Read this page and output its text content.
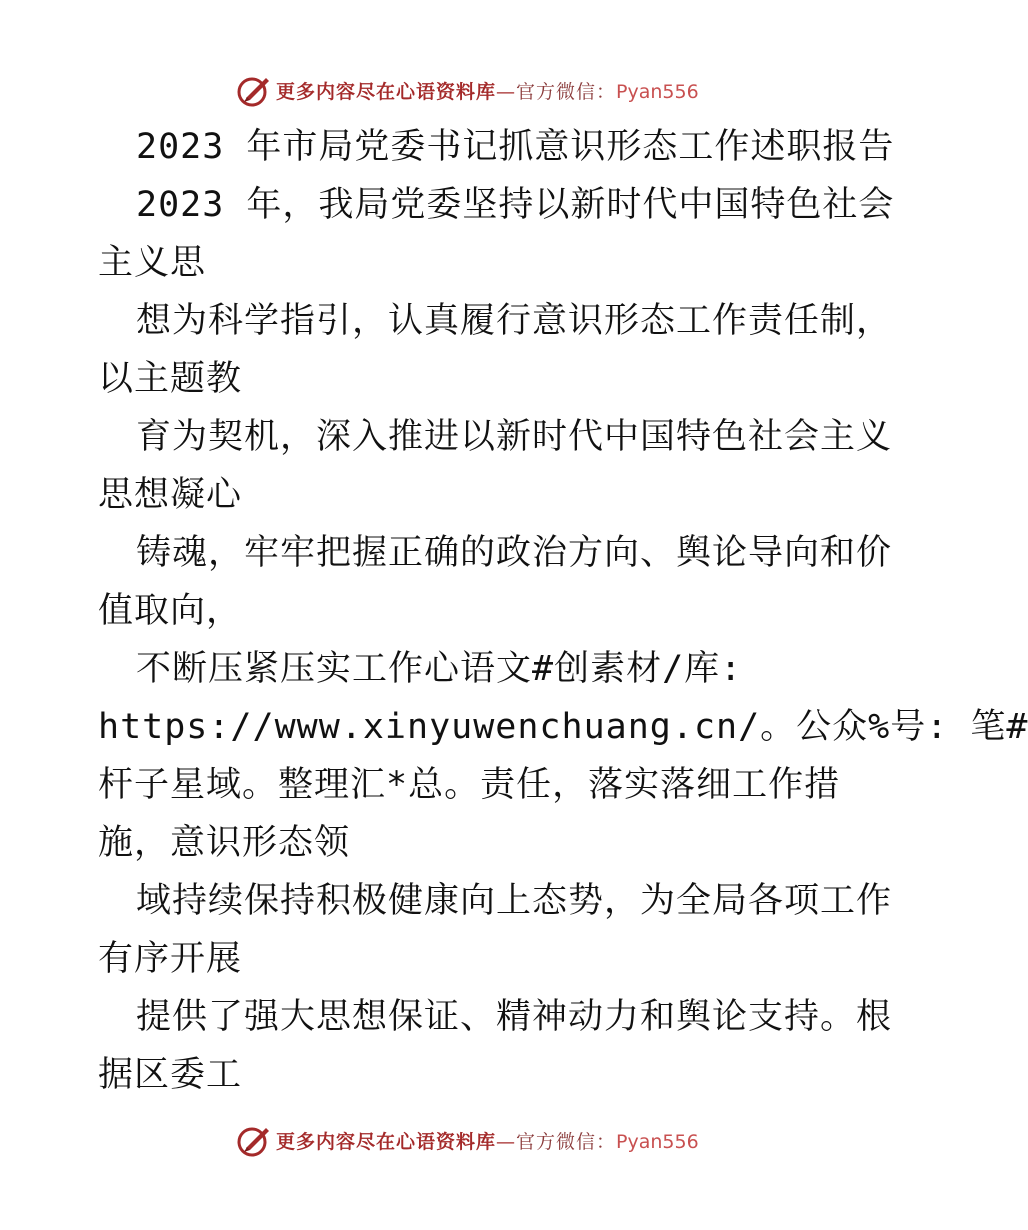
更多内容尽在心语资料库—官方微信：Pyan556
2023 年市局党委书记抓意识形态工作述职报告
2023 年，我局党委坚持以新时代中国特色社会
主义思
想为科学指引，认真履行意识形态工作责任制，
以主题教
育为契机，深入推进以新时代中国特色社会主义
思想凝心
铸魂，牢牢把握正确的政治方向、舆论导向和价
值取向，
不断压紧压实工作心语文#创素材/库:
https://www.xinyuwenchuang.cn/。公众%号: 笔#
杆子星域。整理汇*总。责任，落实落细工作措
施，意识形态领
域持续保持积极健康向上态势，为全局各项工作
有序开展
提供了强大思想保证、精神动力和舆论支持。根
据区委工
更多内容尽在心语资料库—官方微信：Pyan556
